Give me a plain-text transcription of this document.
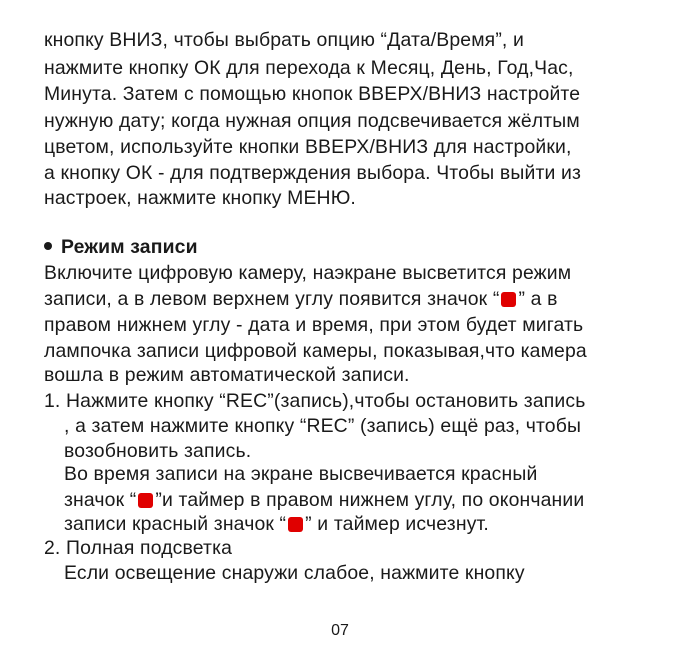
кнопку ВНИЗ, чтобы выбрать опцию “Дата/Время”, и
нажмите кнопку ОК для перехода к Месяц, День, Год,Час,
Минута. Затем с помощью кнопок ВВЕРХ/ВНИЗ настройте
нужную дату; когда нужная опция подсвечивается жёлтым
цветом, используйте кнопки ВВЕРХ/ВНИЗ для настройки,
а кнопку ОК - для подтверждения выбора. Чтобы выйти из
настроек, нажмите кнопку МЕНЮ.
Режим записи
Включите цифровую камеру, наэкране высветится режим
записи, а в левом верхнем углу появится значок “ ” а в
правом нижнем углу - дата и время, при этом будет мигать
лампочка записи цифровой камеры, показывая,что камера
вошла в режим автоматической записи.
1. Нажмите кнопку “REC”(запись),чтобы остановить запись
, а затем нажмите кнопку “REC” (запись) ещё раз, чтобы
возобновить запись.
Во время записи на экране высвечивается красный
значок “ ”и таймер в правом нижнем углу, по окончании
записи красный значок “ ” и таймер исчезнут.
2. Полная подсветка
Если освещение снаружи слабое, нажмите кнопку
07
